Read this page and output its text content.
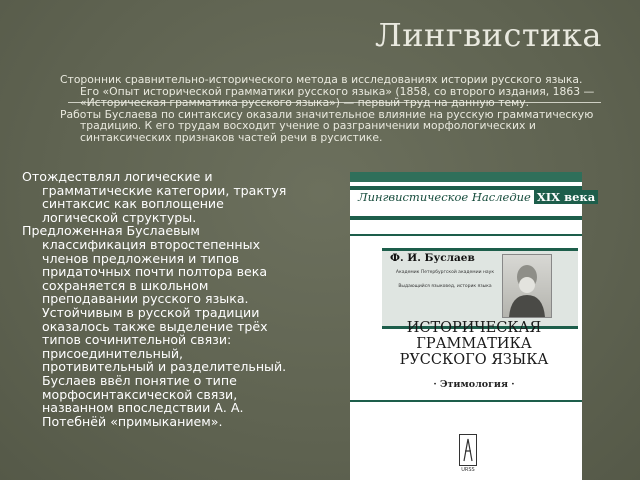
Лингвистика

Сторонник сравнительно-исторического метода в исследованиях истории русского языка. Его «Опыт исторической грамматики русского языка» (1858, со второго издания, 1863 — «Историческая грамматика русского языка») — первый труд на данную тему.

Работы Буслаева по синтаксису оказали значительное влияние на русскую грамматическую традицию. К его трудам восходит учение о разграничении морфологических и синтаксических признаков частей речи в русистике.

Отождествлял логические и грамматические категории, трактуя синтаксис как воплощение логической структуры.

Предложенная Буслаевым классификация второстепенных членов предложения и типов придаточных почти полтора века сохраняется в школьном преподавании русского языка. Устойчивым в русской традиции оказалось также выделение трёх типов сочинительной связи: присоединительный, противительный и разделительный. Буслаев ввёл понятие о типе морфосинтаксической связи, названном впоследствии А. А. Потебнёй «примыканием».

Лингвистическое Наследие XIX века
Ф. И. Буслаев
Академик Петербургской академии наук
Выдающийся языковед, историк языка
ИСТОРИЧЕСКАЯ
ГРАММАТИКА
РУССКОГО ЯЗЫКА
· Этимология ·
URSS
